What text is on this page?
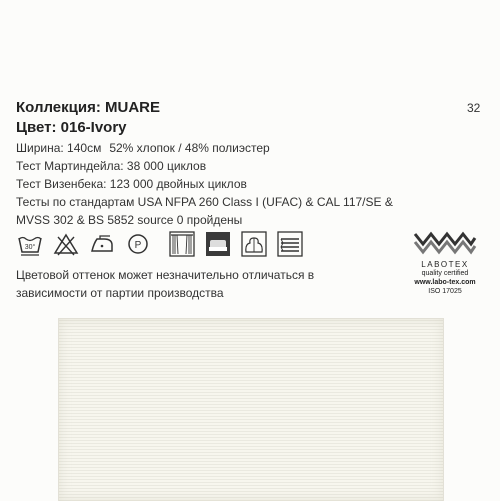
32
Коллекция: MUARE
Цвет: 016-Ivory
Ширина: 140см 52% хлопок / 48% полиэстер
Тест Мартиндейла: 38 000 циклов
Тест Визенбека: 123 000 двойных циклов
Тесты по стандартам USA NFPA 260 Class I (UFAC) & CAL 117/SE &
MVSS 302 & BS 5852 source 0 пройдены
30°	P
Цветовой оттенок может незначительно отличаться в
зависимости от партии производства
LABOTEX
quality certified
www.labo-tex.com
ISO 17025
